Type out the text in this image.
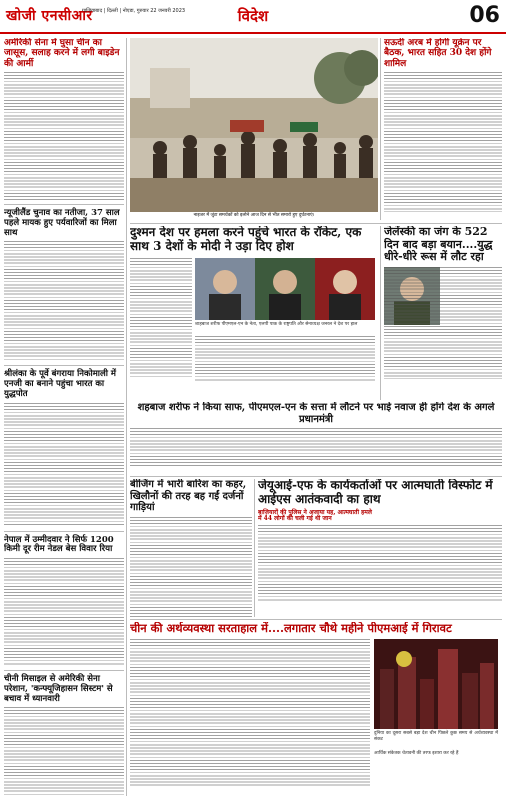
खोजी एनसीआर
गाजियाबाद | दिल्ली | नोएडा, गुरुवार 22 जनवरी 2023	विदेश	06
अमेरिकी सेना में घुसा चीन का जासूस, सलाह करने में लगी बाइडेन की आर्मी
न्यूजीलैंड चुनाव का नतीजा, 37 साल पहले मायक हुए पर्यवारिजों का मिला साथ
श्रीलंका के पूर्वे बंगराया निकोमाली में एनजी का बनाने पहुंचा भारत का युद्धपोत
नेपाल में उम्मीदवार ने सिर्फ 1200 किमी दूर रीम नेडल बेस विवार रिया
चीनी मिसाइल से अमेरिकी सेना परेशान, 'कन्फ्यूजिहासन सिस्टम' से बचाव में ध्यानवारी
नाइजर में जुंटा समर्थकों को इलोने आज दिन से भीत समारो हुए दुर्घटनाएं।
सऊदी अरब में होगी यूक्रेन पर बैठक, भारत सहित 30 देश होंगे शामिल
दुश्मन देश पर हमला करने पहुंचे भारत के रॉकेट, एक साथ 3 देशों के मोदी ने उड़ा दिए होश
शाहबाज शरीफ पीएमएल-एन के नेता, एलपी पाक के राष्ट्रपति और सेनाध्यक्ष जनरल ने देश पर हाल
जेलेंस्की का जंग के 522 दिन बाद बड़ा बयान....युद्ध धीरे-धीरे रूस में लौट रहा
शहबाज शरीफ ने किया साफ, पीएमएल-एन के सत्ता में लौटने पर भाई नवाज ही होंगे देश के अगले प्रधानमंत्री
बीजिंग में भारी बारिश का कहर, खिलौनों की तरह बह गईं दर्जनों गाड़ियां
जेयूआई-एफ के कार्यकर्ताओं पर आत्मघाती विस्फोट में आईएस आतंकवादी का हाथ
बाज़ियारों की पुलिस ने अजाया यह, आत्मघाती हमले में 44 लोगों की चली गई थी जान
चीन की अर्थव्यवस्था सरताहाल में....लगातार चौथे महीने पीएमआई में गिरावट
दुनिया का दूसरा सबसे बड़ा देश चीन पिछले कुछ समय से अर्थव्यवस्था में संकट
आर्थिक संकेतक चेतावनी की तरफ इशारा कर रहे हैं
